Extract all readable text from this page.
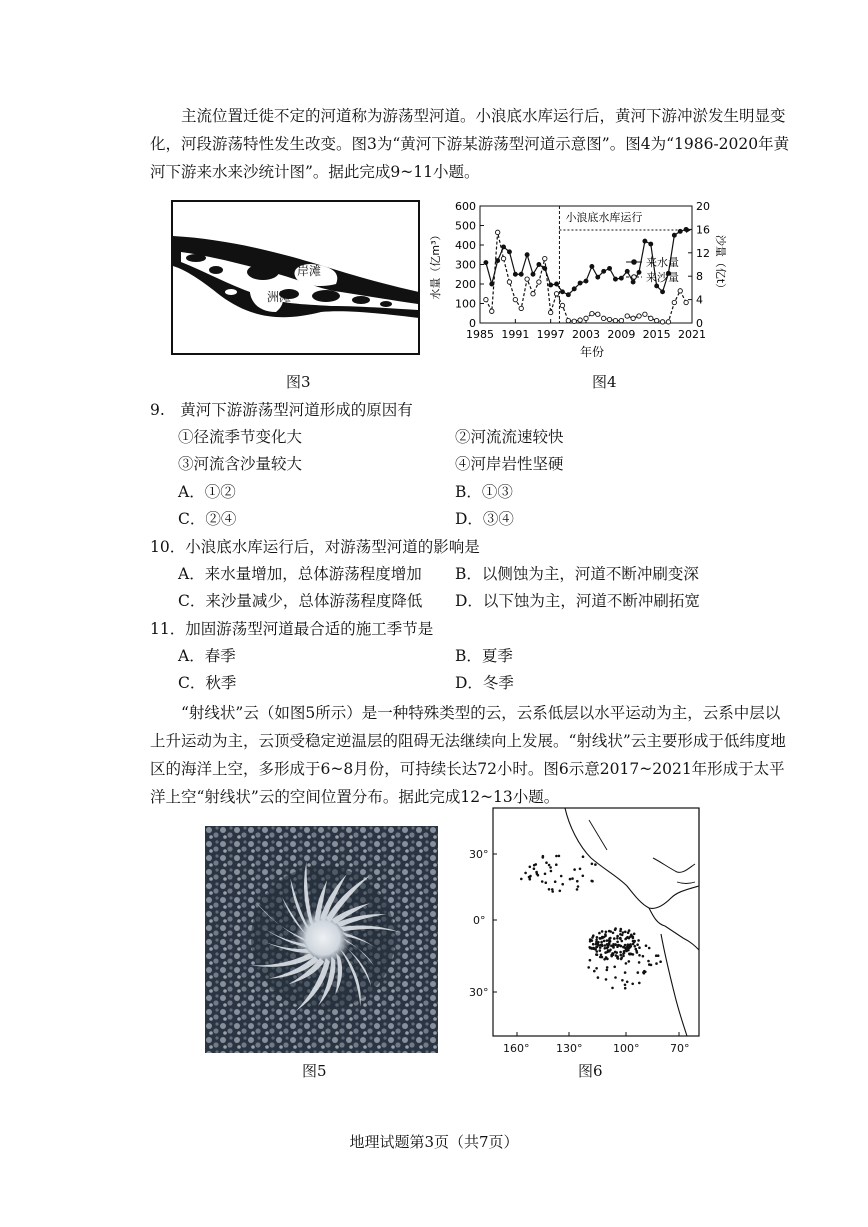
主流位置迁徙不定的河道称为游荡型河道。小浪底水库运行后，黄河下游冲淤发生明显变化，河段游荡特性发生改变。图3为“黄河下游某游荡型河道示意图”。图4为“1986-2020年黄河下游来水来沙统计图”。据此完成9~11小题。

岸滩
洲滩
图3
0
100
200
300
400
500
600
0
4
8
12
16
20
1985 1991 1997 2003 2009 2015 2021
年份
水量（亿m³）	沙量（亿t）
小浪底水库运行
来水量
来沙量
图4
9.　黄河下游游荡型河道形成的原因有
①径流季节变化大	②河流流速较快
③河流含沙量较大	④河岸岩性坚硬
A．①②	B．①③
C．②④	D．③④
10．小浪底水库运行后，对游荡型河道的影响是
A．来水量增加，总体游荡程度增加 B．以侧蚀为主，河道不断冲刷变深
C．来沙量减少，总体游荡程度降低 D．以下蚀为主，河道不断冲刷拓宽
11．加固游荡型河道最合适的施工季节是
A．春季	B．夏季
C．秋季	D．冬季

“射线状”云（如图5所示）是一种特殊类型的云，云系低层以水平运动为主，云系中层以上升运动为主，云顶受稳定逆温层的阻碍无法继续向上发展。“射线状”云主要形成于低纬度地区的海洋上空，多形成于6~8月份，可持续长达72小时。图6示意2017~2021年形成于太平洋上空“射线状”云的空间位置分布。据此完成12~13小题。

图5
30°
0°
30°
160° 130°	100°	70°
图6
地理试题第3页（共7页）
